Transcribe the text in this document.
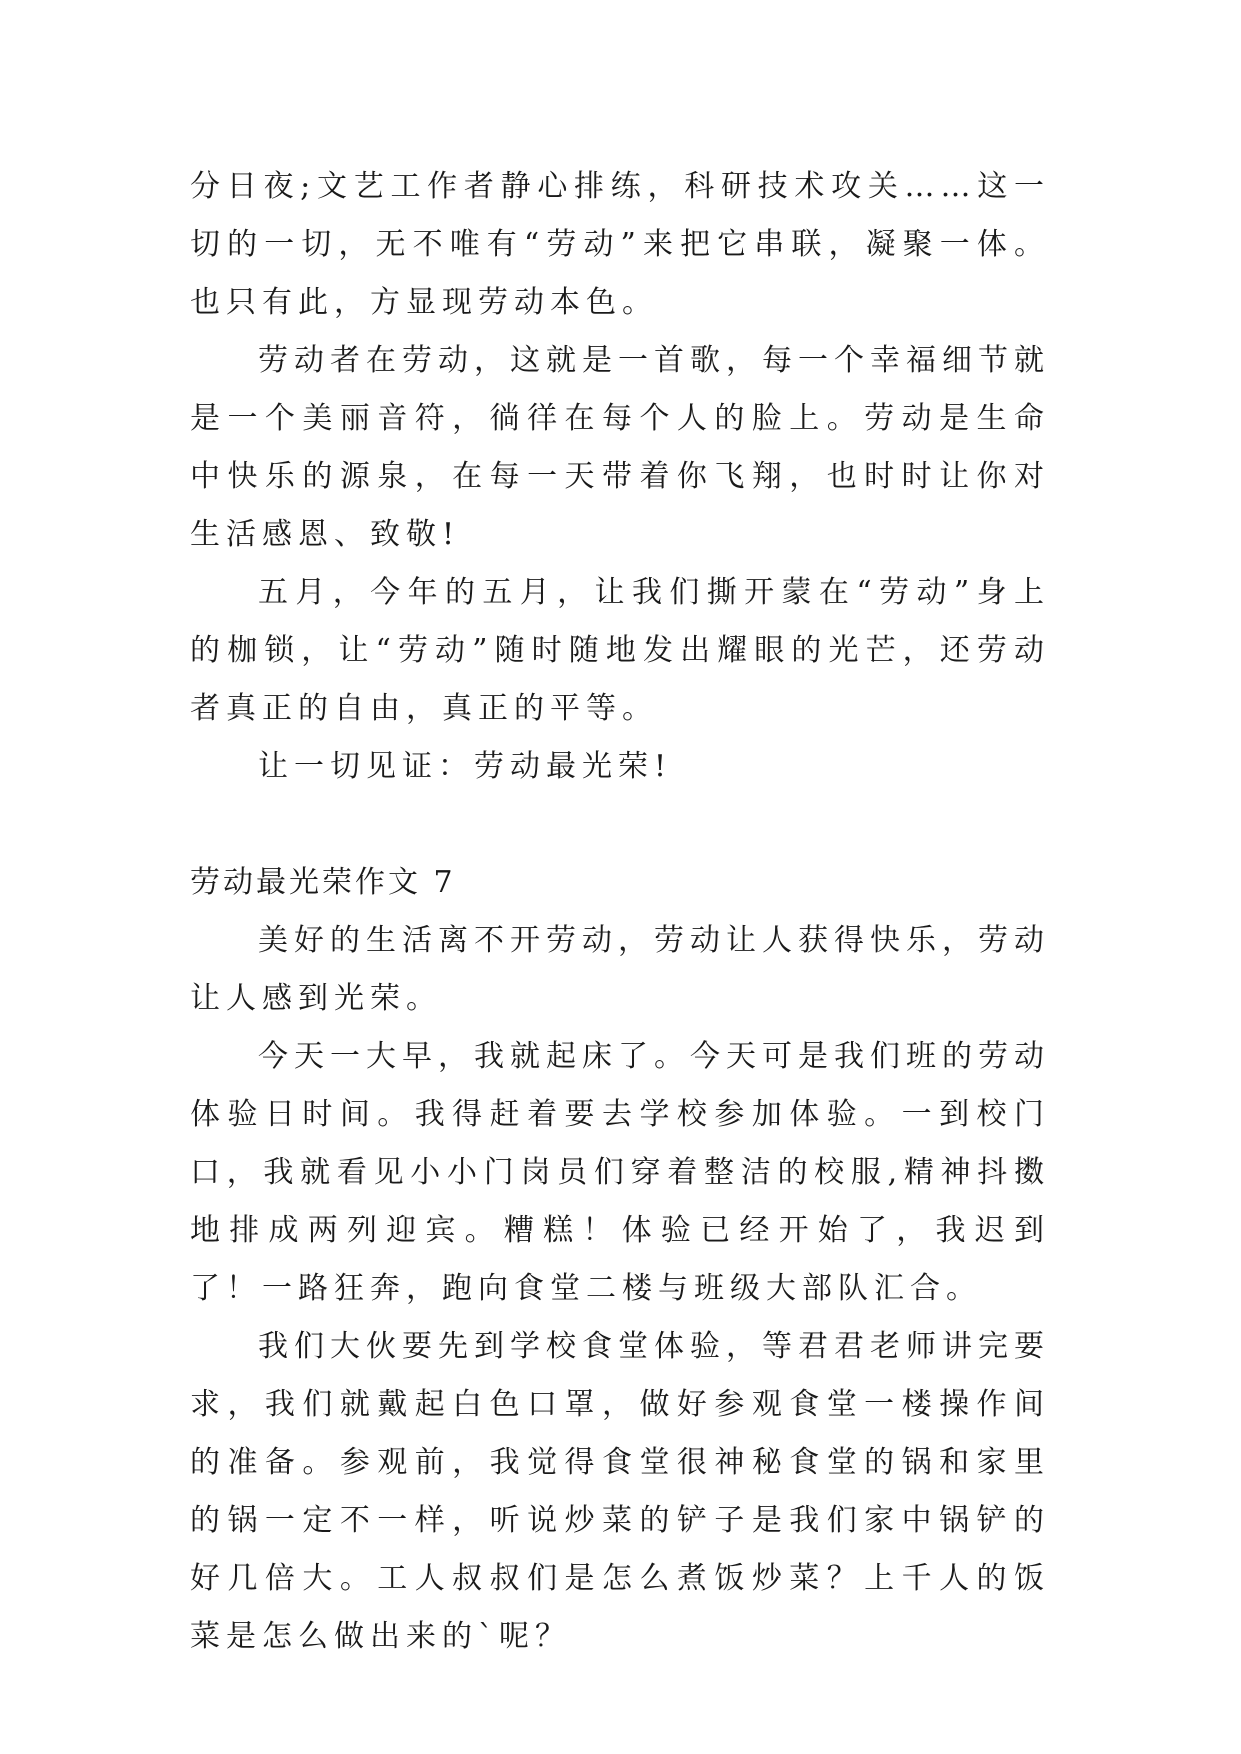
分日夜;文艺工作者静心排练，科研技术攻关……这一切的一切，无不唯有“劳动”来把它串联，凝聚一体。也只有此，方显现劳动本色。

劳动者在劳动，这就是一首歌，每一个幸福细节就是一个美丽音符，徜徉在每个人的脸上。劳动是生命中快乐的源泉，在每一天带着你飞翔，也时时让你对生活感恩、致敬!

五月，今年的五月，让我们撕开蒙在“劳动”身上的枷锁，让“劳动”随时随地发出耀眼的光芒，还劳动者真正的自由，真正的平等。

让一切见证：劳动最光荣!

劳动最光荣作文 7

美好的生活离不开劳动，劳动让人获得快乐，劳动让人感到光荣。

今天一大早，我就起床了。今天可是我们班的劳动体验日时间。我得赶着要去学校参加体验。一到校门口，我就看见小小门岗员们穿着整洁的校服,精神抖擞地排成两列迎宾。糟糕！体验已经开始了，我迟到了！一路狂奔，跑向食堂二楼与班级大部队汇合。

我们大伙要先到学校食堂体验，等君君老师讲完要求，我们就戴起白色口罩，做好参观食堂一楼操作间的准备。参观前，我觉得食堂很神秘食堂的锅和家里的锅一定不一样，听说炒菜的铲子是我们家中锅铲的好几倍大。工人叔叔们是怎么煮饭炒菜？上千人的饭菜是怎么做出来的`呢？
